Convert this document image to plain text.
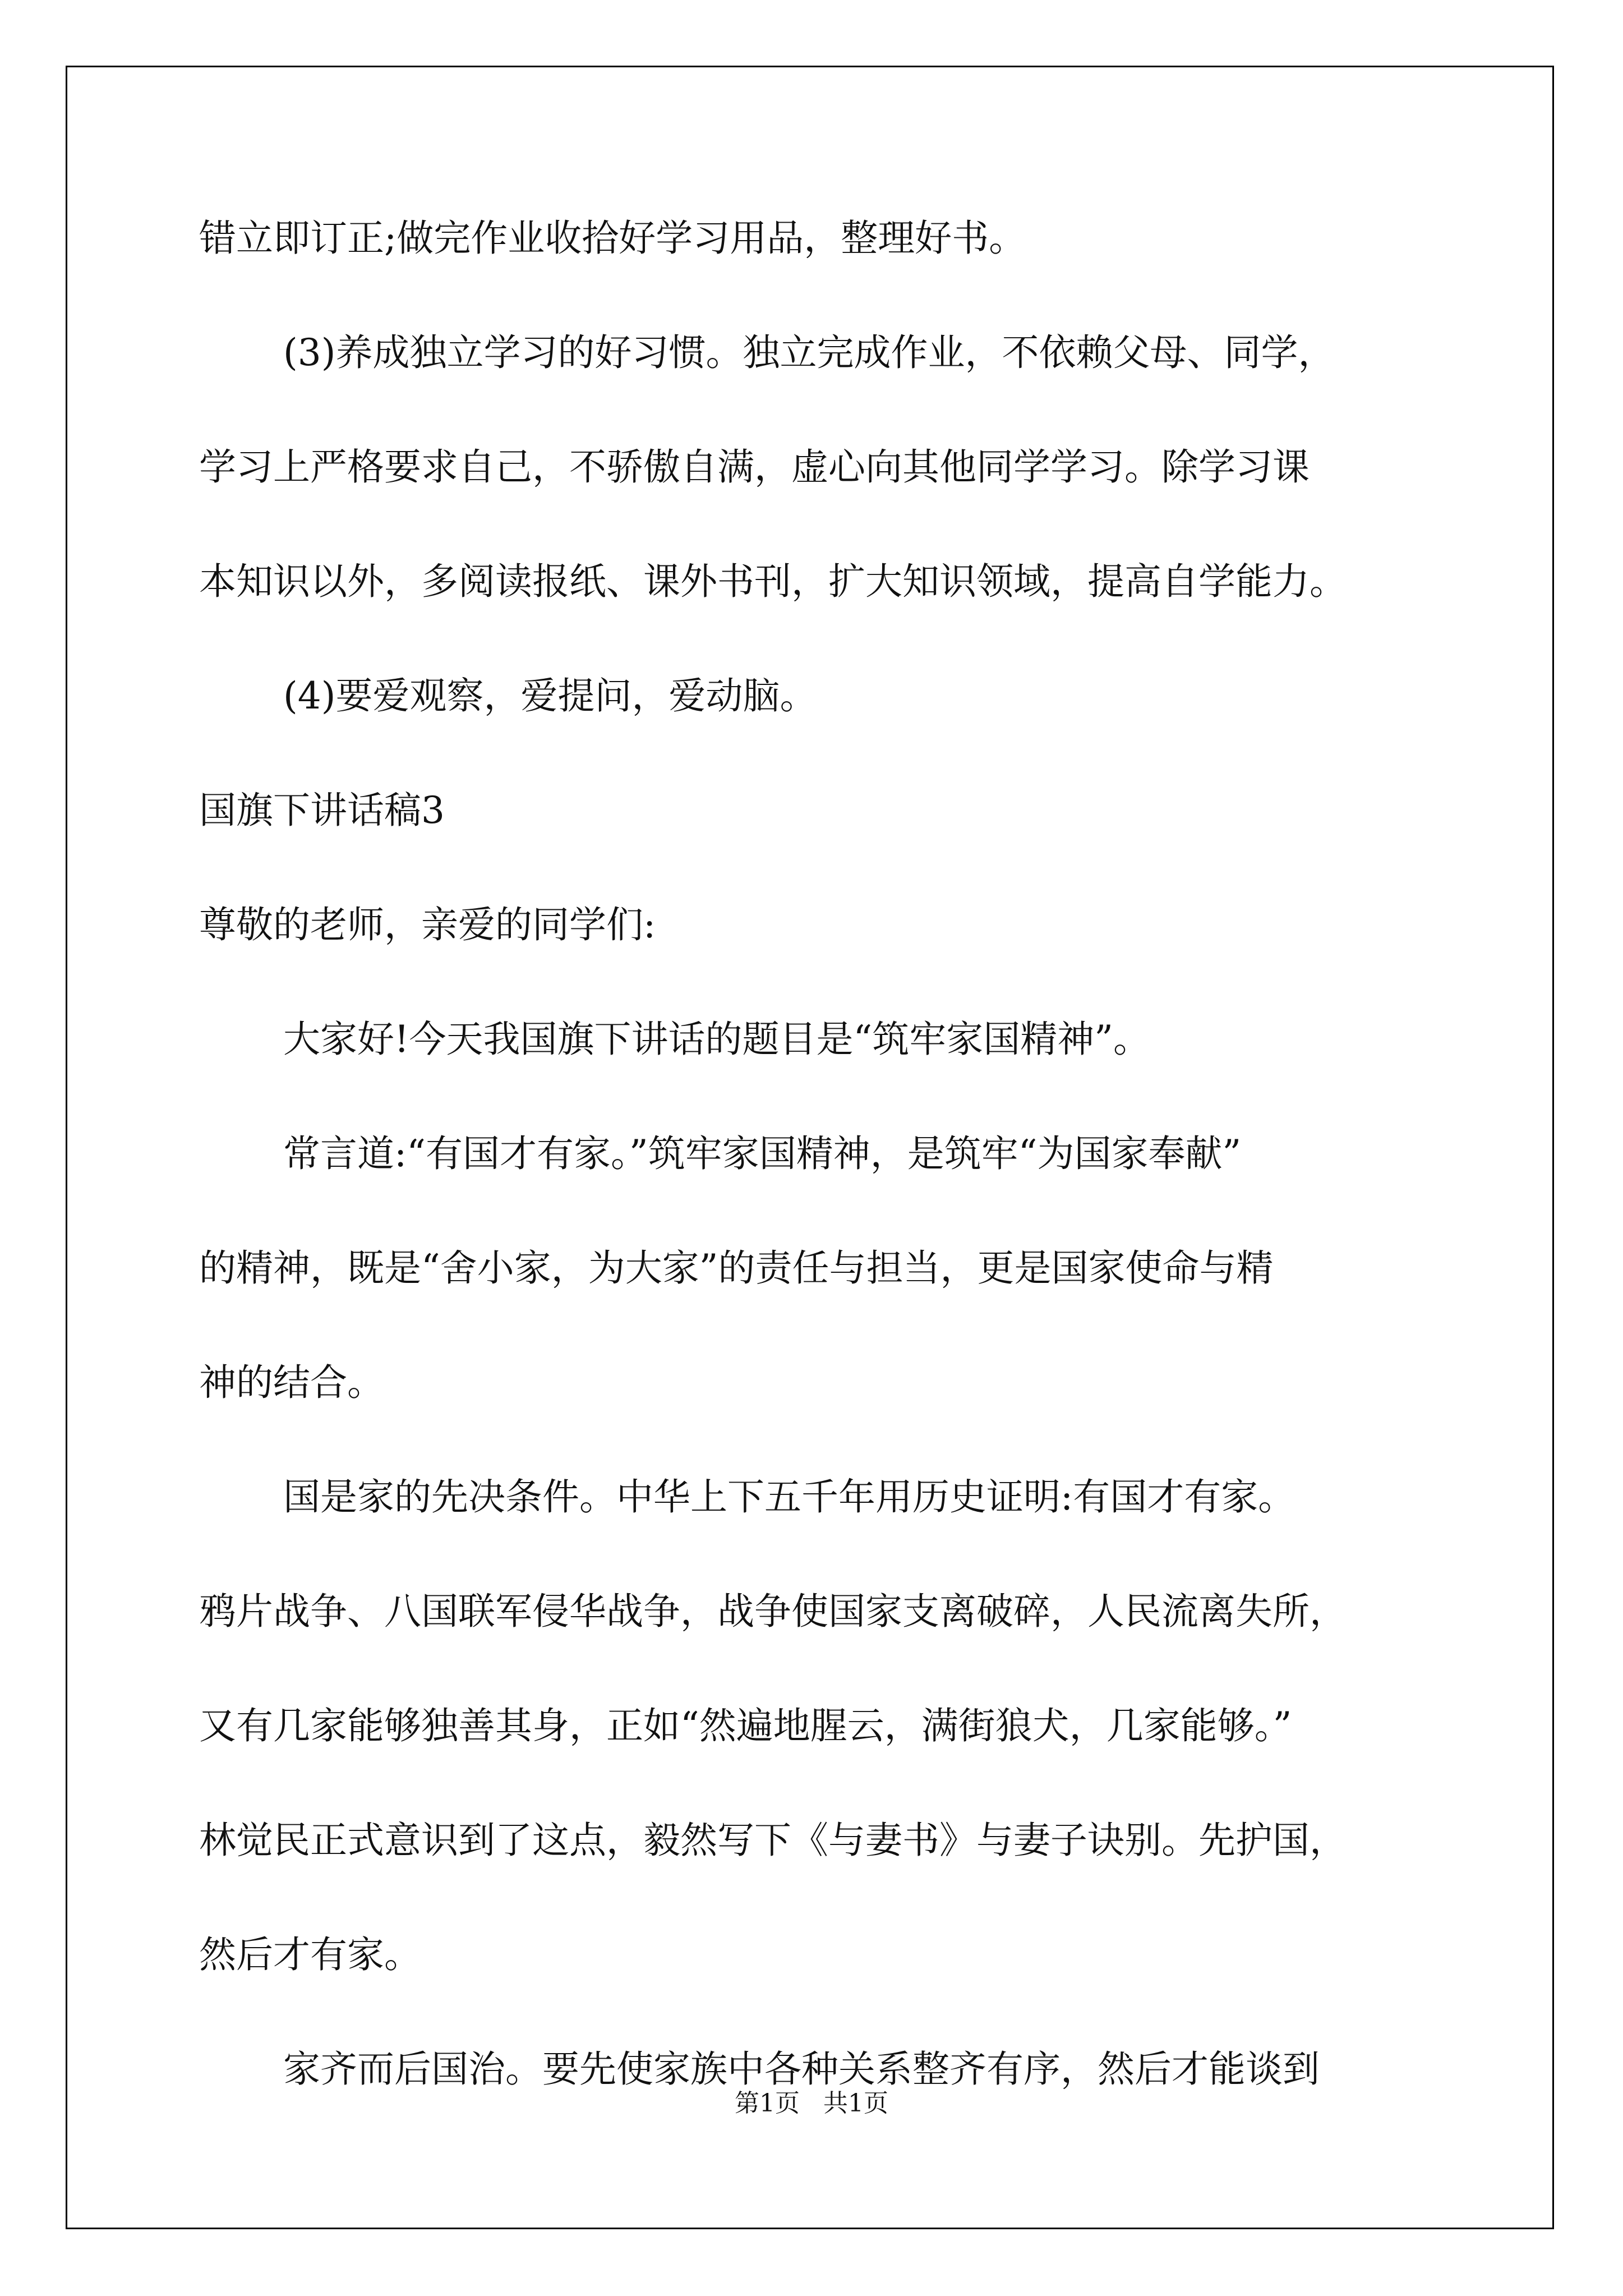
错立即订正;做完作业收拾好学习用品，整理好书。
(3)养成独立学习的好习惯。独立完成作业，不依赖父母、同学，
学习上严格要求自己，不骄傲自满，虚心向其他同学学习。除学习课
本知识以外，多阅读报纸、课外书刊，扩大知识领域，提高自学能力。
(4)要爱观察，爱提问，爱动脑。
国旗下讲话稿3
尊敬的老师，亲爱的同学们:
大家好!今天我国旗下讲话的题目是“筑牢家国精神”。
常言道:“有国才有家。”筑牢家国精神，是筑牢“为国家奉献”
的精神，既是“舍小家，为大家”的责任与担当，更是国家使命与精
神的结合。
国是家的先决条件。中华上下五千年用历史证明:有国才有家。
鸦片战争、八国联军侵华战争，战争使国家支离破碎，人民流离失所，
又有几家能够独善其身，正如“然遍地腥云，满街狼犬，几家能够。”
林觉民正式意识到了这点，毅然写下《与妻书》与妻子诀别。先护国，
然后才有家。
家齐而后国治。要先使家族中各种关系整齐有序，然后才能谈到
第1页   共1页
